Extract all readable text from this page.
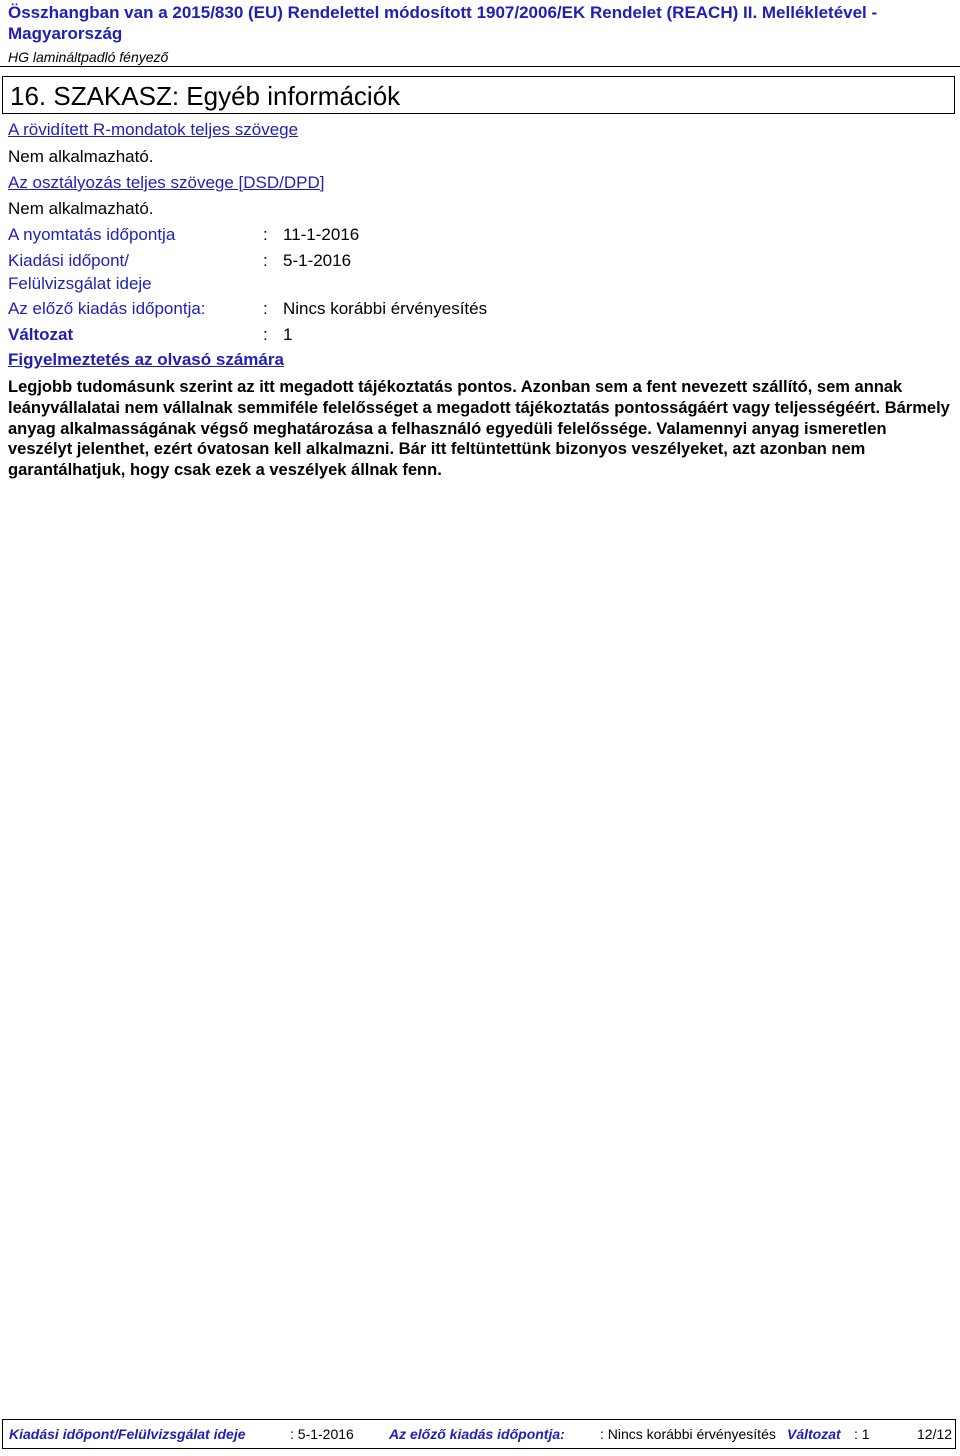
Összhangban van a 2015/830 (EU) Rendelettel módosított 1907/2006/EK Rendelet (REACH) II. Mellékletével - Magyarország
HG lamináltpadló fényező
16. SZAKASZ: Egyéb információk
A rövidített R-mondatok teljes szövege
Nem alkalmazható.
Az osztályozás teljes szövege [DSD/DPD]
Nem alkalmazható.
A nyomtatás időpontja	: 11-1-2016
Kiadási időpont/
Felülvizsgálat ideje
: 5-1-2016
Az előző kiadás időpontja:	: Nincs korábbi érvényesítés
Változat	: 1
Figyelmeztetés az olvasó számára

Legjobb tudomásunk szerint az itt megadott tájékoztatás pontos. Azonban sem a fent nevezett szállító, sem annak leányvállalatai nem vállalnak semmiféle felelősséget a megadott tájékoztatás pontosságáért vagy teljességéért. Bármely anyag alkalmasságának végső meghatározása a felhasználó egyedüli felelőssége. Valamennyi anyag ismeretlen veszélyt jelenthet, ezért óvatosan kell alkalmazni. Bár itt feltüntettünk bizonyos veszélyeket, azt azonban nem garantálhatjuk, hogy csak ezek a veszélyek állnak fenn.

Kiadási időpont/Felülvizsgálat ideje	: 5-1-2016	Az előző kiadás időpontja:	: Nincs korábbi érvényesítés Változat : 1	12/12
